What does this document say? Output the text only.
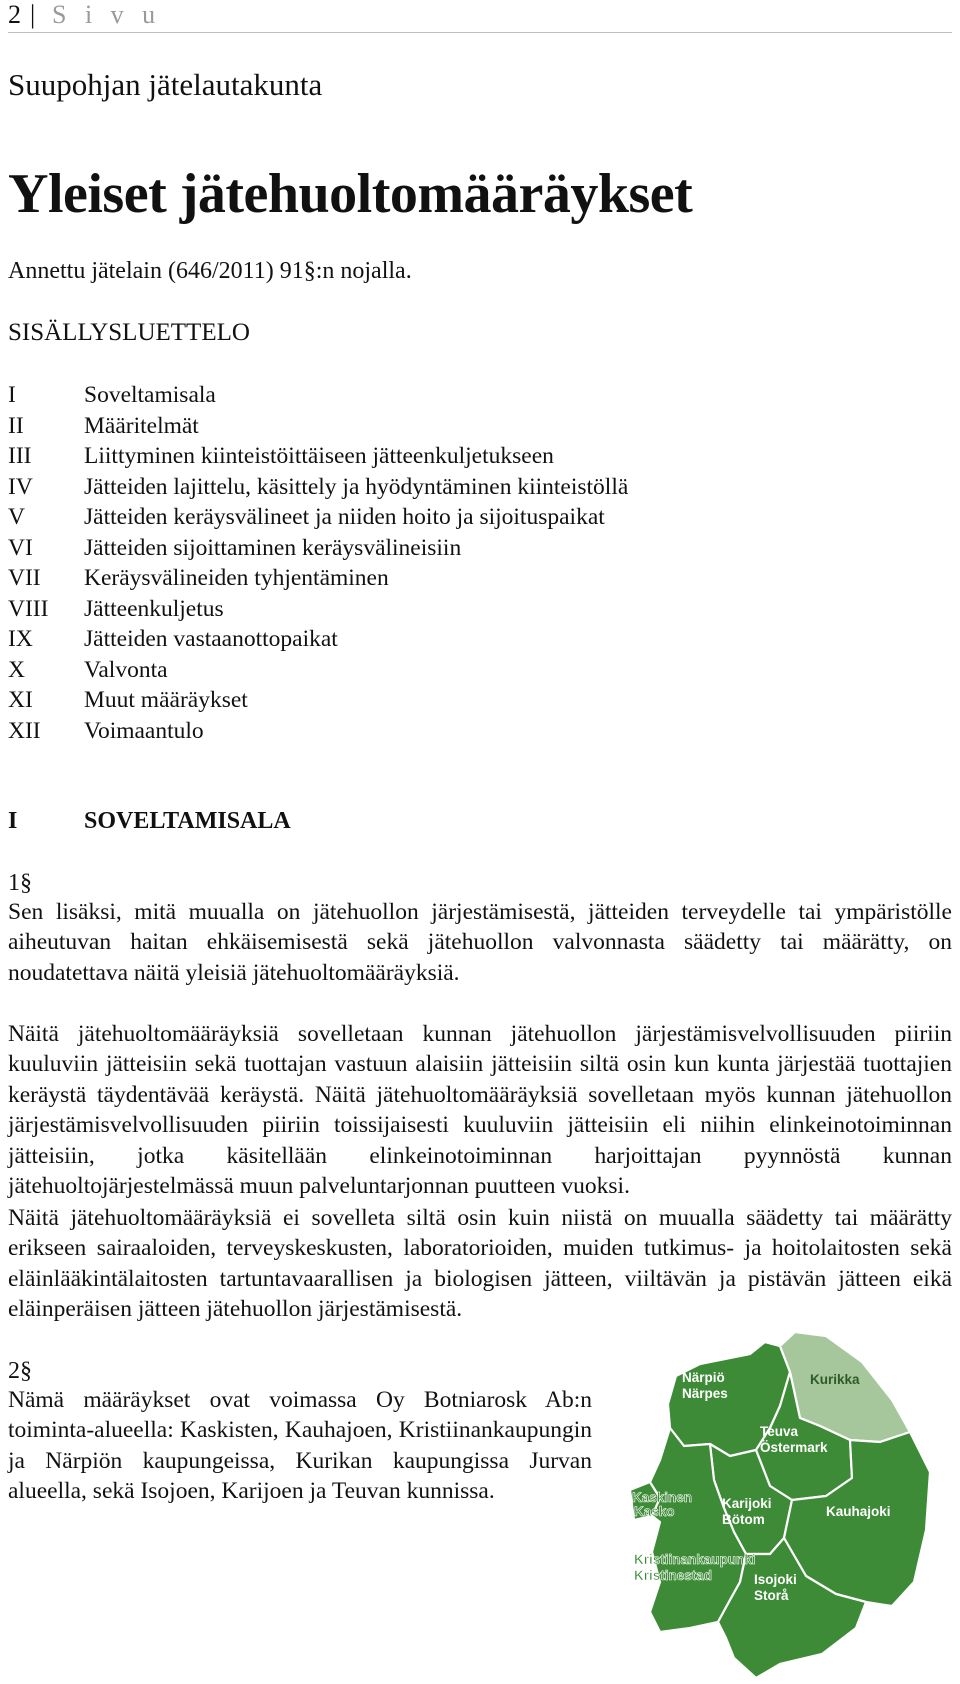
2 | S i v u
Suupohjan jätelautakunta
Yleiset jätehuoltomääräykset
Annettu jätelain (646/2011) 91§:n nojalla.
SISÄLLYSLUETTELO
I	Soveltamisala
II	Määritelmät
III Liittyminen kiinteistöittäiseen jätteenkuljetukseen
IV Jätteiden lajittelu, käsittely ja hyödyntäminen kiinteistöllä
V	Jätteiden keräysvälineet ja niiden hoito ja sijoituspaikat
VI Jätteiden sijoittaminen keräysvälineisiin
VII Keräysvälineiden tyhjentäminen
VIII Jätteenkuljetus
IX Jätteiden vastaanottopaikat
X	Valvonta
XI Muut määräykset
XII Voimaantulo
I	SOVELTAMISALA
1§

Sen lisäksi, mitä muualla on jätehuollon järjestämisestä, jätteiden terveydelle tai ympäristölle aiheutuvan haitan ehkäisemisestä sekä jätehuollon valvonnasta säädetty tai määrätty, on noudatettava näitä yleisiä jätehuoltomääräyksiä.

Näitä jätehuoltomääräyksiä sovelletaan kunnan jätehuollon järjestämisvelvollisuuden piiriin kuuluviin jätteisiin sekä tuottajan vastuun alaisiin jätteisiin siltä osin kun kunta järjestää tuottajien keräystä täydentävää keräystä. Näitä jätehuoltomääräyksiä sovelletaan myös kunnan jätehuollon järjestämisvelvollisuuden piiriin toissijaisesti kuuluviin jätteisiin eli niihin elinkeinotoiminnan jätteisiin, jotka käsitellään elinkeinotoiminnan harjoittajan pyynnöstä kunnan jätehuoltojärjestelmässä muun palveluntarjonnan puutteen vuoksi.

Näitä jätehuoltomääräyksiä ei sovelleta siltä osin kuin niistä on muualla säädetty tai määrätty erikseen sairaaloiden, terveyskeskusten, laboratorioiden, muiden tutkimus- ja hoitolaitosten sekä eläinlääkintälaitosten tartuntavaarallisen ja biologisen jätteen, viiltävän ja pistävän jätteen eikä eläinperäisen jätteen jätehuollon järjestämisestä.

2§

Nämä määräykset ovat voimassa Oy Botniarosk Ab:n toiminta-alueella: Kaskisten, Kauhajoen, Kristiinankaupungin ja Närpiön kaupungeissa, Kurikan kaupungissa Jurvan alueella, sekä Isojoen, Karijoen ja Teuvan kunnissa.

Närpiö
Närpes
Kurikka
Teuva
Östermark
Kaskinen
Kasko
Karijoki
Bötom
Kauhajoki
Kristiinankaupunki
Kristinestad	Isojoki
Storå
